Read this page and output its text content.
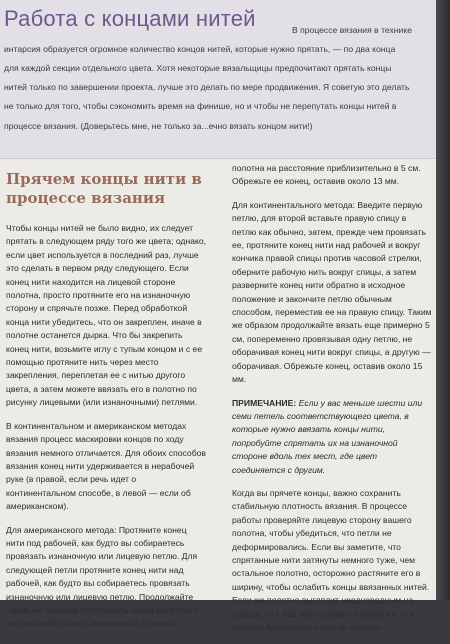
Работа с концами нитей	В процессе вязания в технике
интарсия образуется огромное количество концов нитей, которые нужно прятать, — по два конца
для каждой секции отдельного цвета. Хотя некоторые вязальщицы предпочитают прятать концы
нитей только по завершении проекта, лучше это делать по мере продвижения. Я советую это делать
не только для того, чтобы сэкономить время на финише, но и чтобы не перепутать концы нитей в
процессе вязания. (Доверьтесь мне, не только за...ечно вязать концом нити!)
Прячем концы нити в процессе вязания

Чтобы концы нитей не было видно, их следует прятать в следующем ряду того же цвета; однако, если цвет используется в последний раз, лучше это сделать в первом ряду следующего. Если конец нити находится на лицевой стороне полотна, просто протяните его на изнаночную сторону и спрячьте позже. Перед обработкой конца нити убедитесь, что он закреплен, иначе в полотне останется дырка. Что бы закрепить конец нити, возьмите иглу с тупым концом и с ее помощью протяните нить через место закрепления, переплетая ее с нитью другого цвета, а затем можете ввязать его в полотно по рисунку лицевыми (или изнаночными) петлями.

В континентальном и американском методах вязания процесс маскировки концов по ходу вязания немного отличается. Для обоих способов вязания конец нити удерживается в нерабочей руке (в правой, если речь идет о континентальном способе, в левой — если об американском).

Для американского метода: Протяните конец нити под рабочей, как будто вы собираетесь провязать изнаночную или лицевую петлю. Для следующей петли протяните конец нити над рабочей, как будто вы собираетесь провязать изнаночную или лицевую петлю. Продолжайте таким же образом протягивать конец нити под и над рабочей нитью с изнаночной стороны

полотна на расстояние приблизительно в 5 см. Обрежьте ее конец, оставив около 13 мм.

Для континентального метода: Введите первую петлю, для второй вставьте правую спицу в петлю как обычно, затем, прежде чем провязать ее, протяните конец нити над рабочей и вокруг кончика правой спицы против часовой стрелки, оберните рабочую нить вокруг спицы, а затем разверните конец нити обратно в исходное положение и закончите петлю обычным способом, переместив ее на правую спицу. Таким же образом продолжайте вязать еще примерно 5 см, попеременно провязывая одну петлю, не оборачивая конец нити вокруг спицы, а другую — оборачивая. Обрежьте конец, оставив около 15 мм.

ПРИМЕЧАНИЕ: Если у вас меньше шести или семи петель соответствующего цвета, в которые нужно ввязать концы нити, попробуйте спрятать их на изнаночной стороне вдоль тех мест, где цвет соединяется с другим.

Когда вы прячете концы, важно сохранить стабильную плотность вязания. В процессе работы проверяйте лицевую сторону вашего полотна, чтобы убедиться, что петли не деформировались. Если вы заметите, что спрятанные нити затянуты немного туже, чем остальное полотно, осторожно растяните его в ширину, чтобы ослабить концы ввязанных нитей. Если же полотно выглядит неоднородным на спицах, то в без него останется таким же — и никакая блокировка этого не изменит.
